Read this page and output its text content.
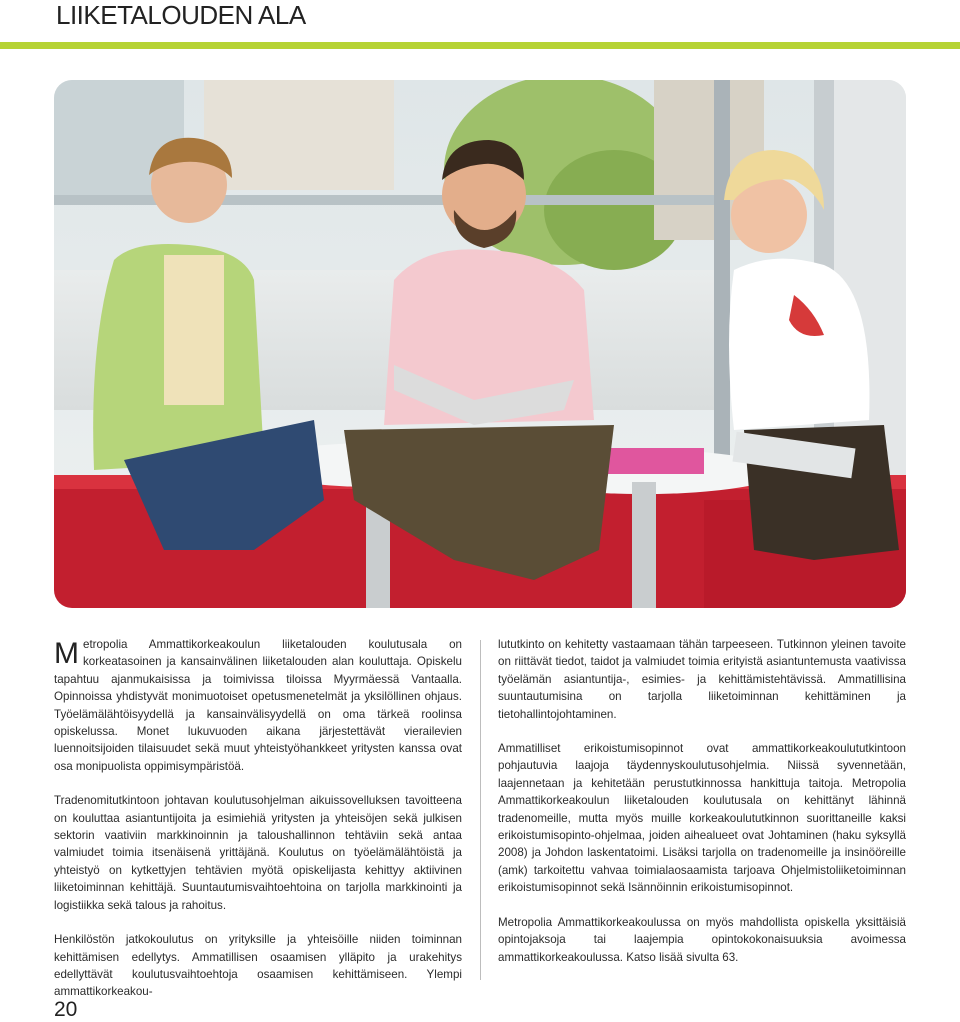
LIIKETALOUDEN ALA

Metropolia Ammattikorkeakoulun liiketalouden koulutusala on korkeatasoinen ja kansainvälinen liiketalouden alan kouluttaja. Opiskelu tapahtuu ajanmukaisissa ja toimivissa tiloissa Myyrmäessä Vantaalla. Opinnoissa yhdistyvät monimuotoiset opetusmenetelmät ja yksilöllinen ohjaus. Työelämälähtöisyydellä ja kansainvälisyydellä on oma tärkeä roolinsa opiskelussa. Monet lukuvuoden aikana järjestettävät vierailevien luennoitsijoiden tilaisuudet sekä muut yhteistyöhankkeet yritysten kanssa ovat osa monipuolista oppimisympäristöä.

Tradenomitutkintoon johtavan koulutusohjelman aikuissovelluksen tavoitteena on kouluttaa asiantuntijoita ja esimiehiä yritysten ja yhteisöjen sekä julkisen sektorin vaativiin markkinoinnin ja taloushallinnon tehtäviin sekä antaa valmiudet toimia itsenäisenä yrittäjänä. Koulutus on työelämälähtöistä ja yhteistyö on kytkettyjen tehtävien myötä opiskelijasta kehittyy aktiivinen liiketoiminnan kehittäjä. Suuntautumisvaihtoehtoina on tarjolla markkinointi ja logistiikka sekä talous ja rahoitus.

Henkilöstön jatkokoulutus on yrityksille ja yhteisöille niiden toiminnan kehittämisen edellytys. Ammatillisen osaamisen ylläpito ja urakehitys edellyttävät koulutusvaihtoehtoja osaamisen kehittämiseen. Ylempi ammattikorkeakou-

lututkinto on kehitetty vastaamaan tähän tarpeeseen. Tutkinnon yleinen tavoite on riittävät tiedot, taidot ja valmiudet toimia erityistä asiantuntemusta vaativissa työelämän asiantuntija-, esimies- ja kehittämistehtävissä. Ammatillisina suuntautumisina on tarjolla liiketoiminnan kehittäminen ja tietohallintojohtaminen.

Ammatilliset erikoistumisopinnot ovat ammattikorkeakoulututkintoon pohjautuvia laajoja täydennyskoulutusohjelmia. Niissä syvennetään, laajennetaan ja kehitetään perustutkinnossa hankittuja taitoja. Metropolia Ammattikorkeakoulun liiketalouden koulutusala on kehittänyt lähinnä tradenomeille, mutta myös muille korkeakoulututkinnon suorittaneille kaksi erikoistumisopinto-ohjelmaa, joiden aihealueet ovat Johtaminen (haku syksyllä 2008) ja Johdon laskentatoimi. Lisäksi tarjolla on tradenomeille ja insinööreille (amk) tarkoitettu vahvaa toimialaosaamista tarjoava Ohjelmistoliiketoiminnan erikoistumisopinnot sekä Isännöinnin erikoistumisopinnot.

Metropolia Ammattikorkeakoulussa on myös mahdollista opiskella yksittäisiä opintojaksoja tai laajempia opintokokonaisuuksia avoimessa ammattikorkeakoulussa. Katso lisää sivulta 63.

20
